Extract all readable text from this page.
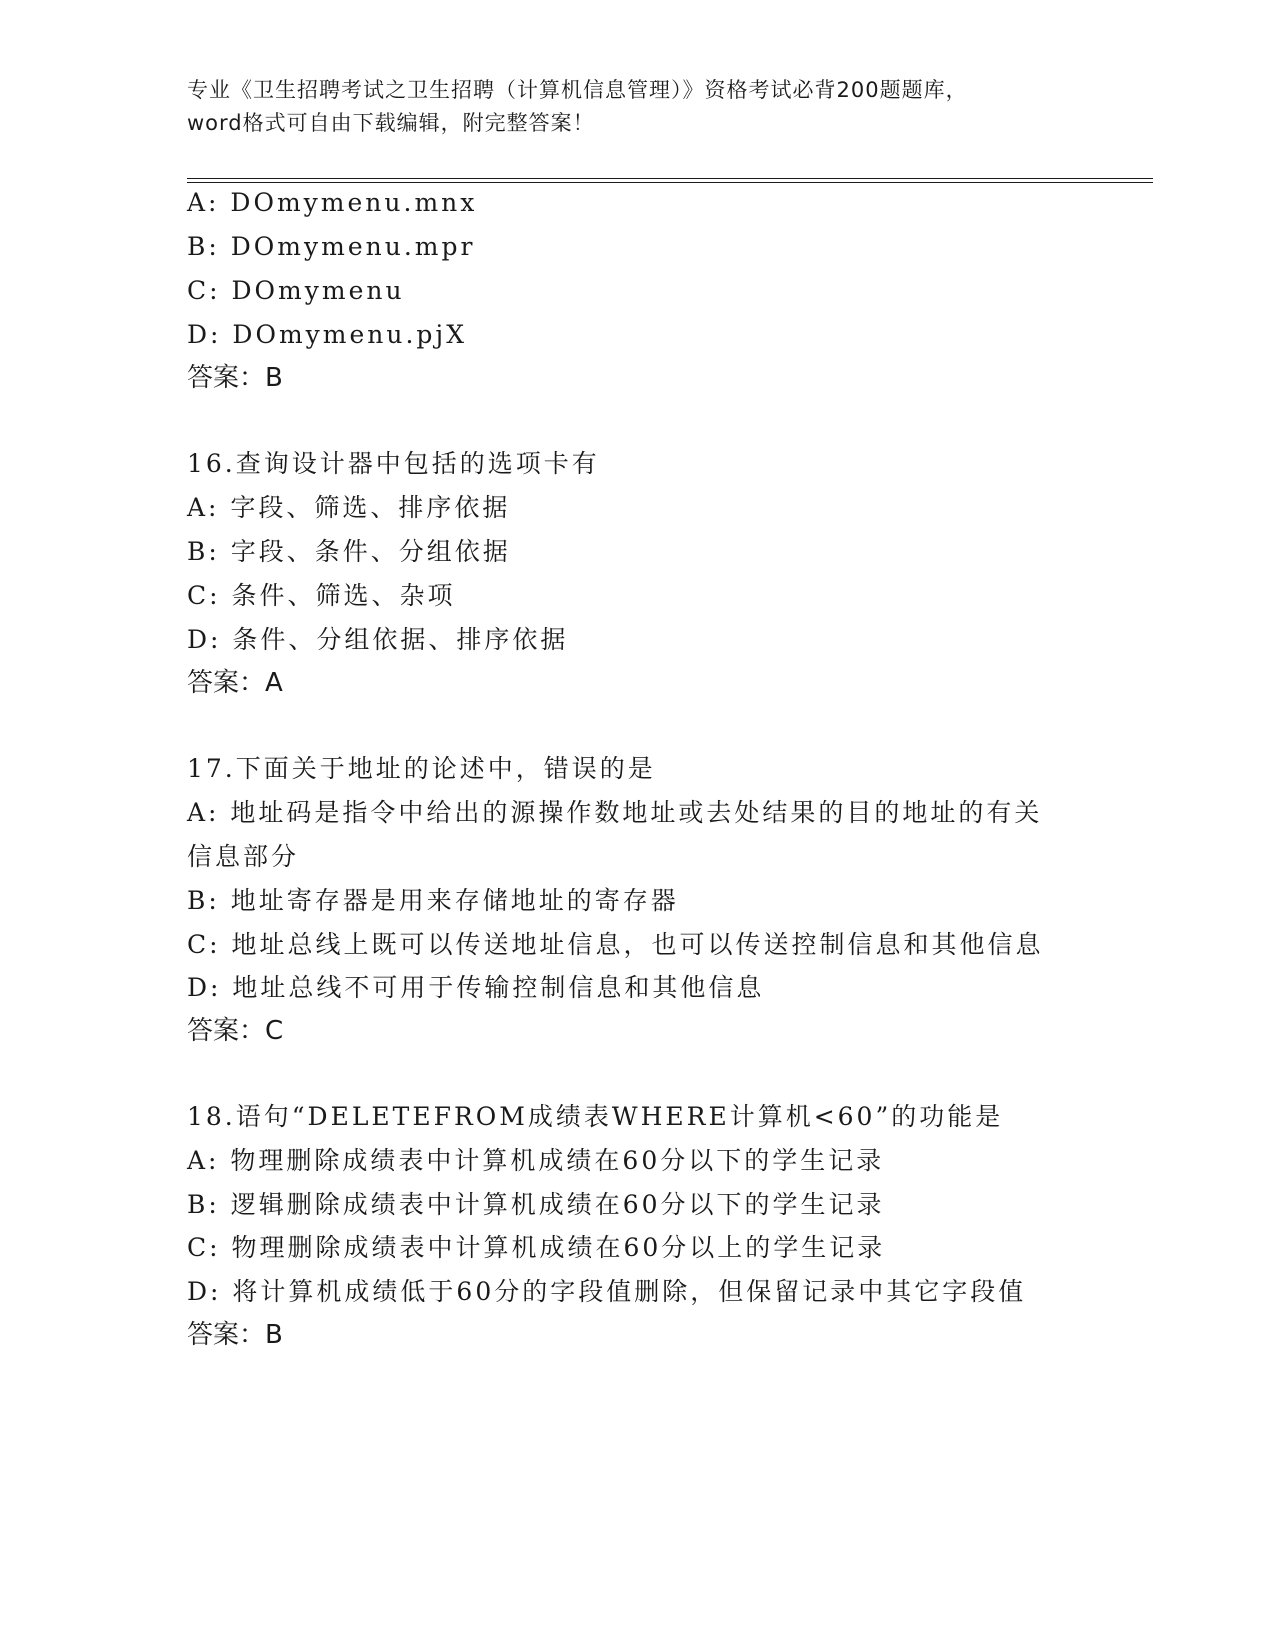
专业《卫生招聘考试之卫生招聘（计算机信息管理）》资格考试必背200题题库，
word格式可自由下载编辑，附完整答案！
A: DOmymenu.mnx
B: DOmymenu.mpr
C: DOmymenu
D: DOmymenu.pjX
答案：B
16.查询设计器中包括的选项卡有
A: 字段、筛选、排序依据
B: 字段、条件、分组依据
C: 条件、筛选、杂项
D: 条件、分组依据、排序依据
答案：A
17.下面关于地址的论述中，错误的是
A: 地址码是指令中给出的源操作数地址或去处结果的目的地址的有关
信息部分
B: 地址寄存器是用来存储地址的寄存器
C: 地址总线上既可以传送地址信息，也可以传送控制信息和其他信息
D: 地址总线不可用于传输控制信息和其他信息
答案：C
18.语句“DELETEFROM成绩表WHERE计算机<60”的功能是
A: 物理删除成绩表中计算机成绩在60分以下的学生记录
B: 逻辑删除成绩表中计算机成绩在60分以下的学生记录
C: 物理删除成绩表中计算机成绩在60分以上的学生记录
D: 将计算机成绩低于60分的字段值删除，但保留记录中其它字段值
答案：B
